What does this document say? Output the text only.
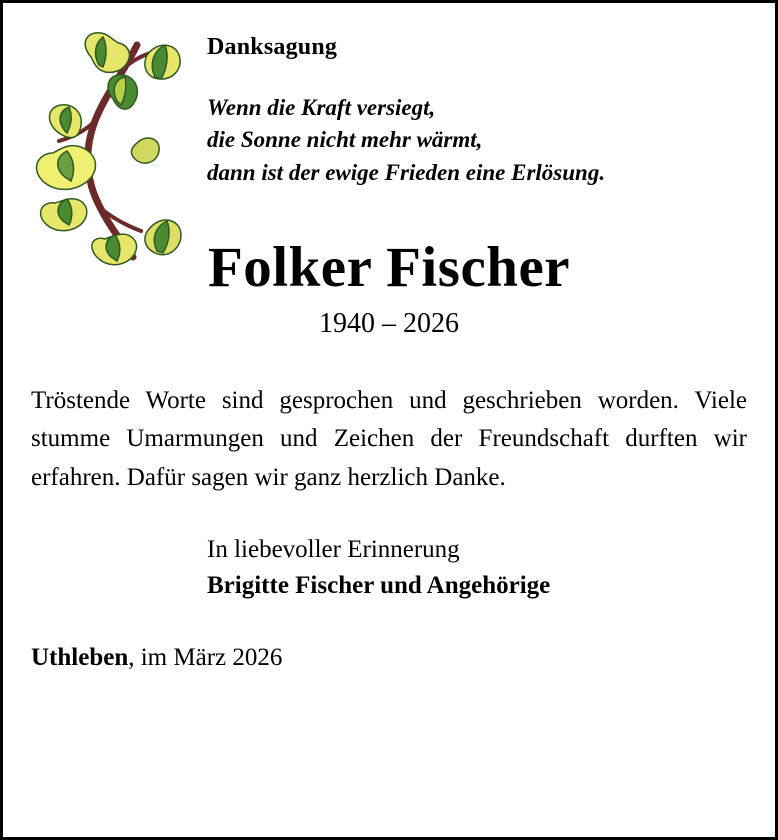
Danksagung
Wenn die Kraft versiegt,
die Sonne nicht mehr wärmt,
dann ist der ewige Frieden eine Erlösung.
Folker Fischer
1940 – 2026
Tröstende Worte sind gesprochen und geschrieben worden. Viele stumme Umarmungen und Zeichen der Freundschaft durften wir erfahren. Dafür sagen wir ganz herzlich Danke.
In liebevoller Erinnerung
Brigitte Fischer und Angehörige
Uthleben, im März 2026
